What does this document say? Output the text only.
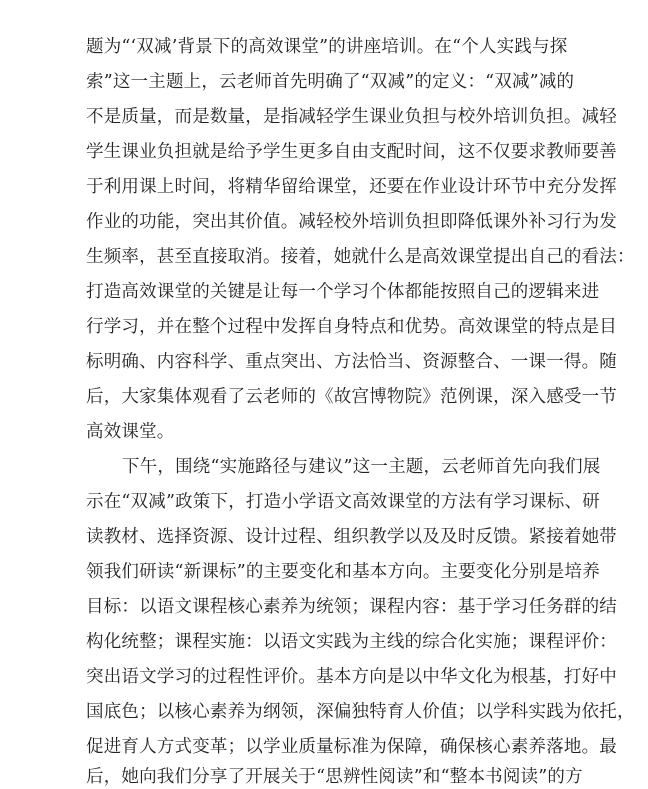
题为“‘双减’背景下的高效课堂”的讲座培训。在“个人实践与探
索”这一主题上，云老师首先明确了“双减”的定义：“双减”减的
不是质量，而是数量，是指减轻学生课业负担与校外培训负担。减轻
学生课业负担就是给予学生更多自由支配时间，这不仅要求教师要善
于利用课上时间，将精华留给课堂，还要在作业设计环节中充分发挥
作业的功能，突出其价值。减轻校外培训负担即降低课外补习行为发
生频率，甚至直接取消。接着，她就什么是高效课堂提出自己的看法：
打造高效课堂的关键是让每一个学习个体都能按照自己的逻辑来进
行学习，并在整个过程中发挥自身特点和优势。高效课堂的特点是目
标明确、内容科学、重点突出、方法恰当、资源整合、一课一得。随
后，大家集体观看了云老师的《故宫博物院》范例课，深入感受一节
高效课堂。
下午，围绕“实施路径与建议”这一主题，云老师首先向我们展
示在“双减”政策下，打造小学语文高效课堂的方法有学习课标、研
读教材、选择资源、设计过程、组织教学以及及时反馈。紧接着她带
领我们研读“新课标”的主要变化和基本方向。主要变化分别是培养
目标：以语文课程核心素养为统领；课程内容：基于学习任务群的结
构化统整；课程实施：以语文实践为主线的综合化实施；课程评价：
突出语文学习的过程性评价。基本方向是以中华文化为根基，打好中
国底色；以核心素养为纲领，深偏独特育人价值；以学科实践为依托，
促进育人方式变革；以学业质量标准为保障，确保核心素养落地。最
后，她向我们分享了开展关于“思辨性阅读”和“整本书阅读”的方
